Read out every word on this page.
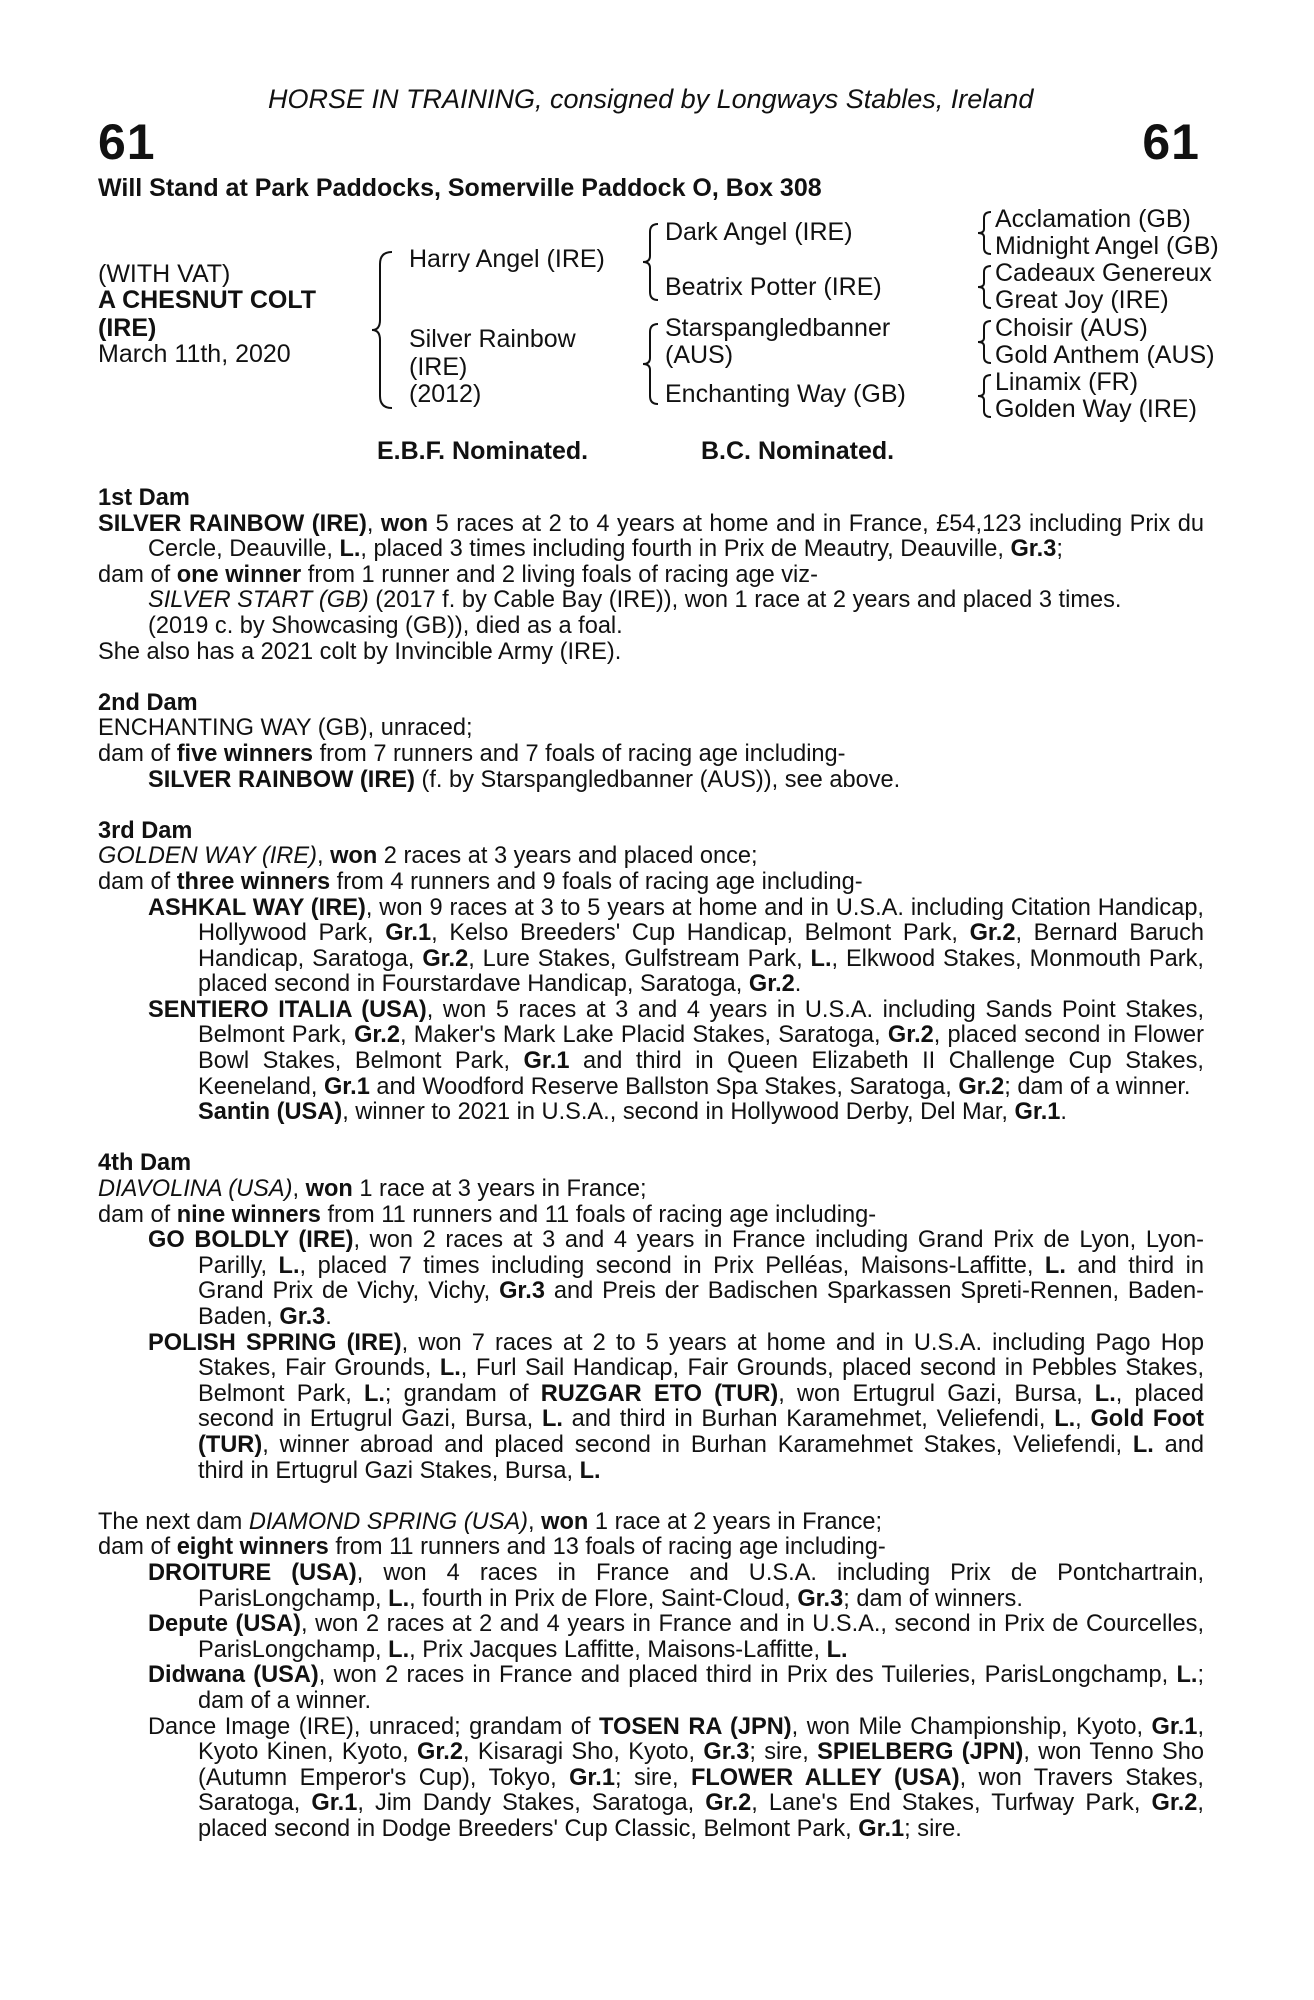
HORSE IN TRAINING, consigned by Longways Stables, Ireland
61	61
Will Stand at Park Paddocks, Somerville Paddock O, Box 308
(WITH VAT)
A CHESNUT COLT
(IRE)
March 11th, 2020
Harry Angel (IRE)
Silver Rainbow
(IRE)
(2012)
Dark Angel (IRE)
Beatrix Potter (IRE)
Starspangledbanner
(AUS)
Enchanting Way (GB)
Acclamation (GB)
Midnight Angel (GB)
Cadeaux Genereux
Great Joy (IRE)
Choisir (AUS)
Gold Anthem (AUS)
Linamix (FR)
Golden Way (IRE)
E.B.F. Nominated.	B.C. Nominated.
1st Dam
SILVER RAINBOW (IRE), won 5 races at 2 to 4 years at home and in France, £54,123 including Prix du Cercle, Deauville, L., placed 3 times including fourth in Prix de Meautry, Deauville, Gr.3;
dam of one winner from 1 runner and 2 living foals of racing age viz-
SILVER START (GB) (2017 f. by Cable Bay (IRE)), won 1 race at 2 years and placed 3 times.
(2019 c. by Showcasing (GB)), died as a foal.
She also has a 2021 colt by Invincible Army (IRE).
2nd Dam
ENCHANTING WAY (GB), unraced;
dam of five winners from 7 runners and 7 foals of racing age including-
SILVER RAINBOW (IRE) (f. by Starspangledbanner (AUS)), see above.
3rd Dam
GOLDEN WAY (IRE), won 2 races at 3 years and placed once;
dam of three winners from 4 runners and 9 foals of racing age including-
ASHKAL WAY (IRE), won 9 races at 3 to 5 years at home and in U.S.A. including Citation Handicap, Hollywood Park, Gr.1, Kelso Breeders' Cup Handicap, Belmont Park, Gr.2, Bernard Baruch Handicap, Saratoga, Gr.2, Lure Stakes, Gulfstream Park, L., Elkwood Stakes, Monmouth Park, placed second in Fourstardave Handicap, Saratoga, Gr.2.
SENTIERO ITALIA (USA), won 5 races at 3 and 4 years in U.S.A. including Sands Point Stakes, Belmont Park, Gr.2, Maker's Mark Lake Placid Stakes, Saratoga, Gr.2, placed second in Flower Bowl Stakes, Belmont Park, Gr.1 and third in Queen Elizabeth II Challenge Cup Stakes, Keeneland, Gr.1 and Woodford Reserve Ballston Spa Stakes, Saratoga, Gr.2; dam of a winner.
Santin (USA), winner to 2021 in U.S.A., second in Hollywood Derby, Del Mar, Gr.1.
4th Dam
DIAVOLINA (USA), won 1 race at 3 years in France;
dam of nine winners from 11 runners and 11 foals of racing age including-
GO BOLDLY (IRE), won 2 races at 3 and 4 years in France including Grand Prix de Lyon, Lyon-Parilly, L., placed 7 times including second in Prix Pelléas, Maisons-Laffitte, L. and third in Grand Prix de Vichy, Vichy, Gr.3 and Preis der Badischen Sparkassen Spreti-Rennen, Baden-Baden, Gr.3.
POLISH SPRING (IRE), won 7 races at 2 to 5 years at home and in U.S.A. including Pago Hop Stakes, Fair Grounds, L., Furl Sail Handicap, Fair Grounds, placed second in Pebbles Stakes, Belmont Park, L.; grandam of RUZGAR ETO (TUR), won Ertugrul Gazi, Bursa, L., placed second in Ertugrul Gazi, Bursa, L. and third in Burhan Karamehmet, Veliefendi, L., Gold Foot (TUR), winner abroad and placed second in Burhan Karamehmet Stakes, Veliefendi, L. and third in Ertugrul Gazi Stakes, Bursa, L.
The next dam DIAMOND SPRING (USA), won 1 race at 2 years in France;
dam of eight winners from 11 runners and 13 foals of racing age including-
DROITURE (USA), won 4 races in France and U.S.A. including Prix de Pontchartrain, ParisLongchamp, L., fourth in Prix de Flore, Saint-Cloud, Gr.3; dam of winners.
Depute (USA), won 2 races at 2 and 4 years in France and in U.S.A., second in Prix de Courcelles, ParisLongchamp, L., Prix Jacques Laffitte, Maisons-Laffitte, L.
Didwana (USA), won 2 races in France and placed third in Prix des Tuileries, ParisLongchamp, L.; dam of a winner.
Dance Image (IRE), unraced; grandam of TOSEN RA (JPN), won Mile Championship, Kyoto, Gr.1, Kyoto Kinen, Kyoto, Gr.2, Kisaragi Sho, Kyoto, Gr.3; sire, SPIELBERG (JPN), won Tenno Sho (Autumn Emperor's Cup), Tokyo, Gr.1; sire, FLOWER ALLEY (USA), won Travers Stakes, Saratoga, Gr.1, Jim Dandy Stakes, Saratoga, Gr.2, Lane's End Stakes, Turfway Park, Gr.2, placed second in Dodge Breeders' Cup Classic, Belmont Park, Gr.1; sire.
